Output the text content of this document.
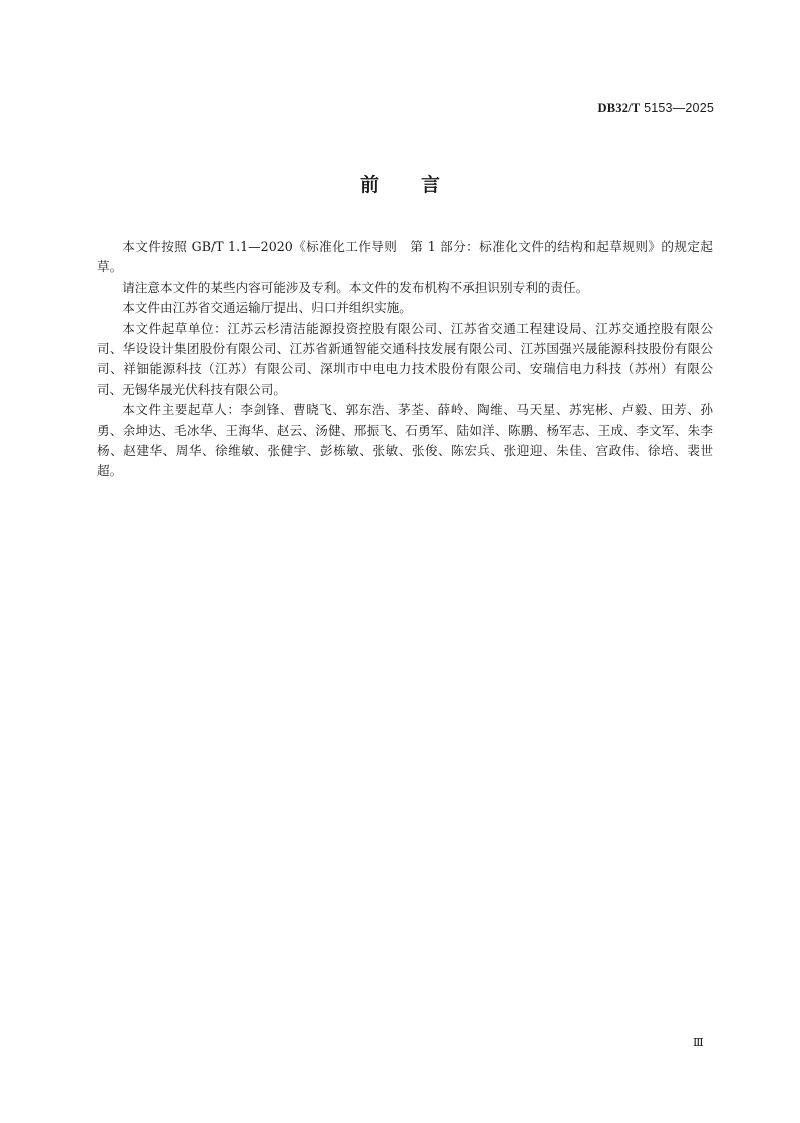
DB32/T 5153—2025
前 言

本文件按照 GB/T 1.1—2020《标准化工作导则　第 1 部分：标准化文件的结构和起草规则》的规定起草。

请注意本文件的某些内容可能涉及专利。本文件的发布机构不承担识别专利的责任。

本文件由江苏省交通运输厅提出、归口并组织实施。

本文件起草单位：江苏云杉清洁能源投资控股有限公司、江苏省交通工程建设局、江苏交通控股有限公司、华设设计集团股份有限公司、江苏省新通智能交通科技发展有限公司、江苏国强兴晟能源科技股份有限公司、祥钿能源科技（江苏）有限公司、深圳市中电电力技术股份有限公司、安瑞信电力科技（苏州）有限公司、无锡华晟光伏科技有限公司。

本文件主要起草人：李剑锋、曹晓飞、郭东浩、茅荃、薛岭、陶维、马天星、苏宪彬、卢毅、田芳、孙勇、余坤达、毛冰华、王海华、赵云、汤健、邢振飞、石勇军、陆如洋、陈鹏、杨军志、王成、李文军、朱李杨、赵建华、周华、徐维敏、张健宇、彭栋敏、张敏、张俊、陈宏兵、张迎迎、朱佳、宫政伟、徐培、裴世超。

Ⅲ
